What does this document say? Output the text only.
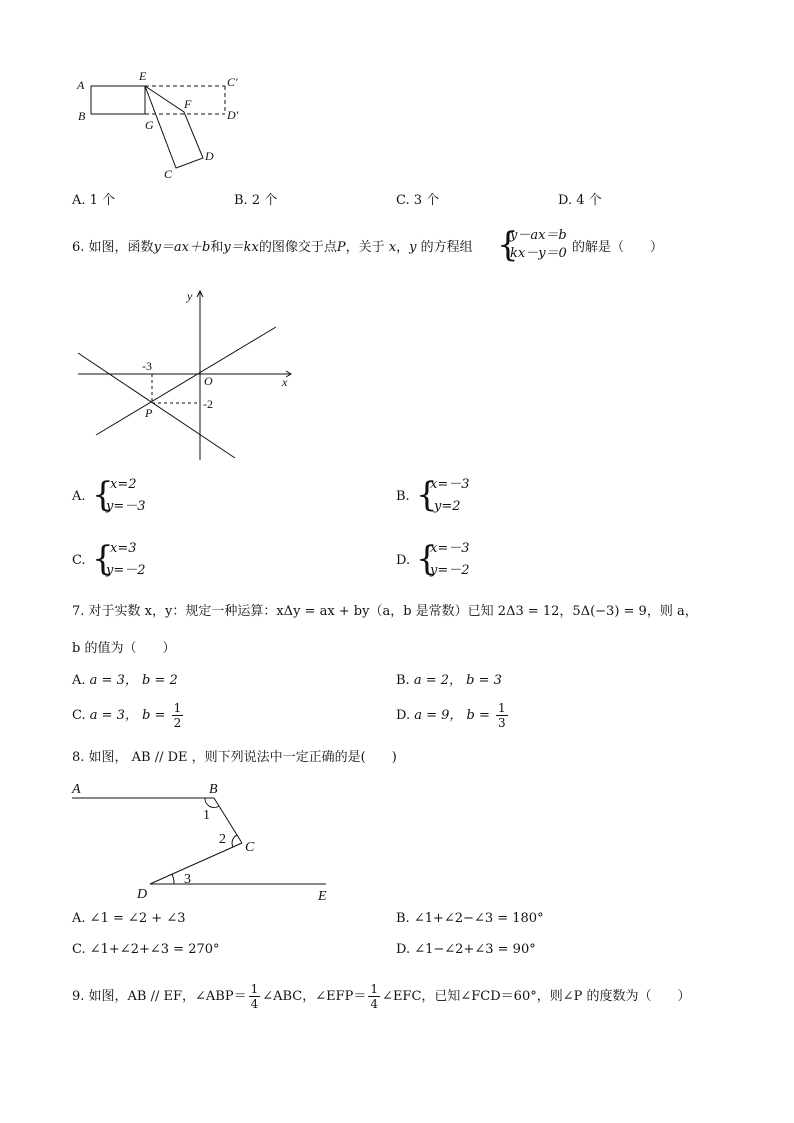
A
B
E	C′
F
D′
G
D
C
A. 1 个	B. 2 个	C. 3 个	D. 4 个
6. 如图，函数y＝ax＋b和y＝kx的图像交于点P，关于 x，y 的方程组 {
y－ax＝b
kx－y＝0 的解是（　　）
y
x
O
-3
-2
P
A. {
x=2
y=－3
B. {
x=－3
y=2
C. {
x=3
y=－2
D. {
x=－3
y=－2
7. 对于实数 x，y：规定一种运算：xΔy = ax + by（a，b 是常数）已知 2Δ3 = 12，5Δ(−3) = 9，则 a，
b 的值为（　　）
A. a = 3， b = 2	B. a = 2， b = 3
C. a = 3， $b = \frac{1}{2}$	D. a = 9， $b = \frac{1}{3}$
8. 如图， AB // DE ，则下列说法中一定正确的是(　　)
A	B
C
D	E
1
2
3
A. ∠1 = ∠2 + ∠3	B. ∠1+∠2−∠3 = 180°
C. ∠1+∠2+∠3 = 270°	D. ∠1−∠2+∠3 = 90°
9. 如图，AB // EF，∠ABP＝ $\frac{1}{4}$ ∠ABC，∠EFP＝ $\frac{1}{4}$ ∠EFC，已知∠FCD＝60°，则∠P 的度数为（　　）
